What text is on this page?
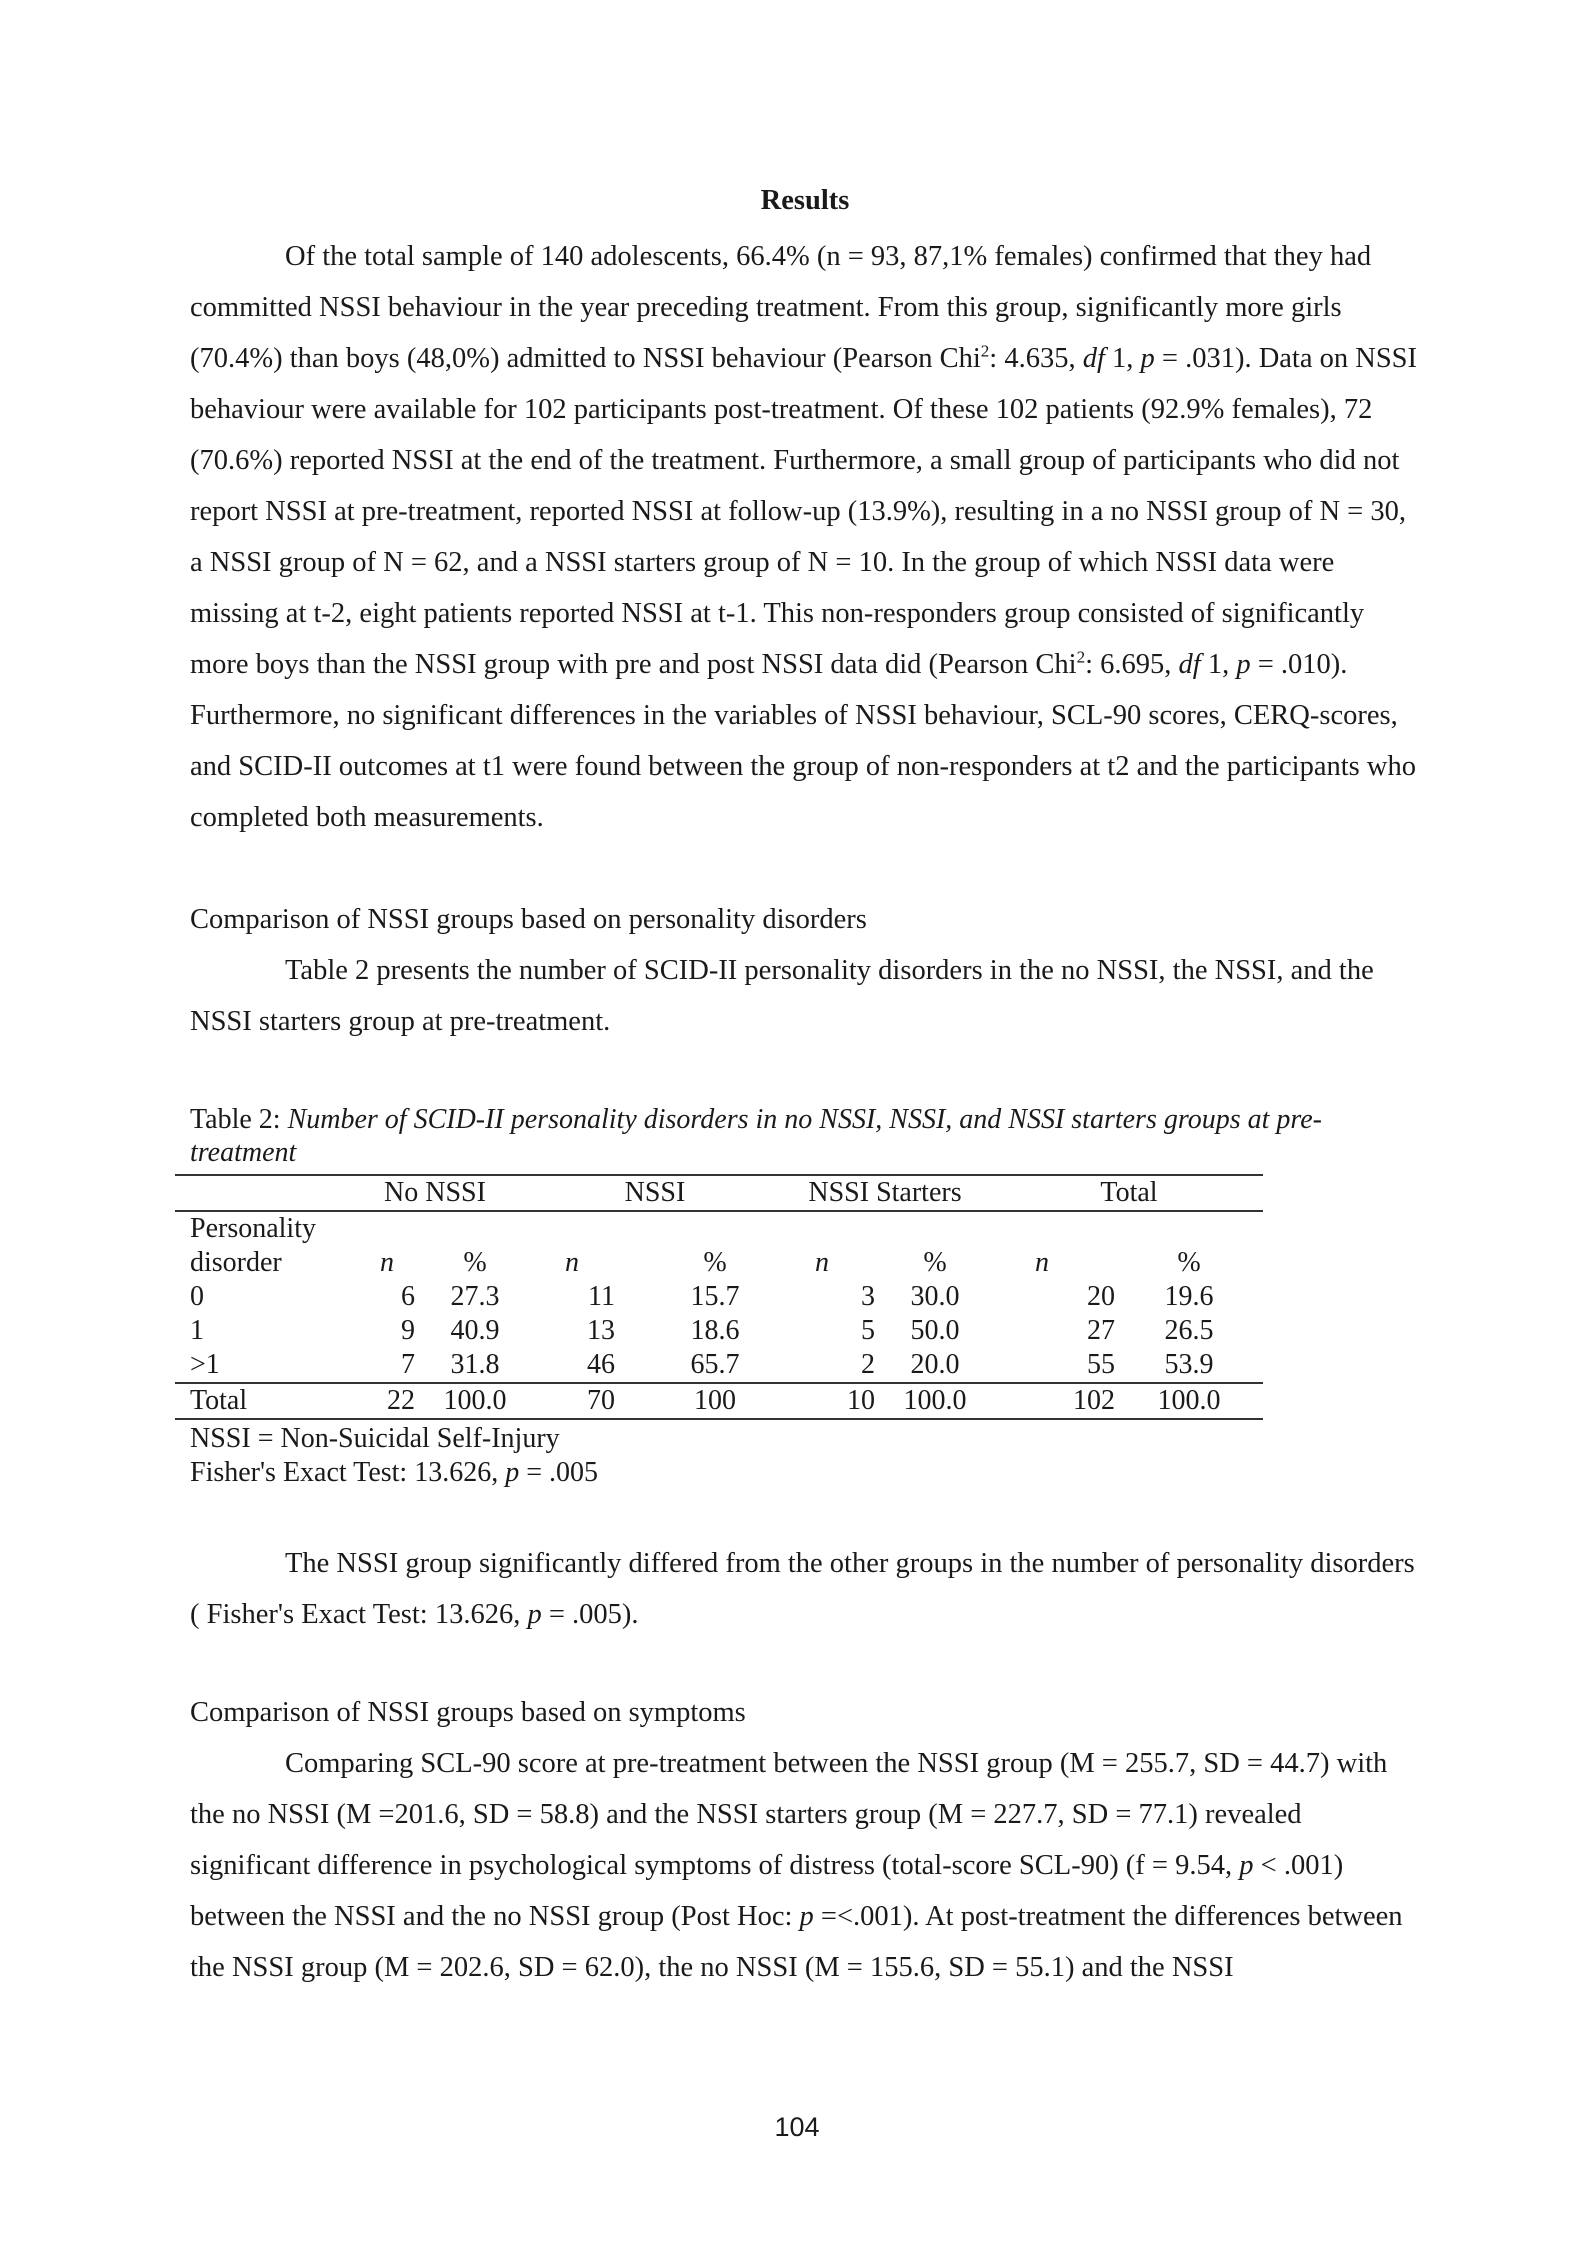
Results

Of the total sample of 140 adolescents, 66.4% (n = 93, 87,1% females) confirmed that they had committed NSSI behaviour in the year preceding treatment. From this group, significantly more girls (70.4%) than boys (48,0%) admitted to NSSI behaviour (Pearson Chi$^2$: 4.635, df 1, p = .031). Data on NSSI behaviour were available for 102 participants post-treatment. Of these 102 patients (92.9% females), 72 (70.6%) reported NSSI at the end of the treatment. Furthermore, a small group of participants who did not report NSSI at pre-treatment, reported NSSI at follow-up (13.9%), resulting in a no NSSI group of N = 30, a NSSI group of N = 62, and a NSSI starters group of N = 10. In the group of which NSSI data were missing at t-2, eight patients reported NSSI at t-1. This non-responders group consisted of significantly more boys than the NSSI group with pre and post NSSI data did (Pearson Chi$^2$: 6.695, df 1, p = .010). Furthermore, no significant differences in the variables of NSSI behaviour, SCL-90 scores, CERQ-scores, and SCID-II outcomes at t1 were found between the group of non-responders at t2 and the participants who completed both measurements.

Comparison of NSSI groups based on personality disorders

Table 2 presents the number of SCID-II personality disorders in the no NSSI, the NSSI, and the NSSI starters group at pre-treatment.

Table 2: Number of SCID-II personality disorders in no NSSI, NSSI, and NSSI starters groups at pre-treatment
	No NSSI		NSSI		NSSI Starters		Total	
Personality								
disorder	n	%	n	%	n	%	n	%
0	6	27.3	11	15.7	3	30.0	20	19.6
1	9	40.9	13	18.6	5	50.0	27	26.5
>1	7	31.8	46	65.7	2	20.0	55	53.9
Total	22	100.0	70	100	10	100.0	102	100.0
NSSI = Non-Suicidal Self-Injury
Fisher's Exact Test: 13.626, p = .005

The NSSI group significantly differed from the other groups in the number of personality disorders ( Fisher's Exact Test: 13.626, p = .005).

Comparison of NSSI groups based on symptoms

Comparing SCL-90 score at pre-treatment between the NSSI group (M = 255.7, SD = 44.7) with the no NSSI (M =201.6, SD = 58.8) and the NSSI starters group (M = 227.7, SD = 77.1) revealed significant difference in psychological symptoms of distress (total-score SCL-90) (f = 9.54, p < .001) between the NSSI and the no NSSI group (Post Hoc: p =<.001). At post-treatment the differences between the NSSI group (M = 202.6, SD = 62.0), the no NSSI (M = 155.6, SD = 55.1) and the NSSI

104
